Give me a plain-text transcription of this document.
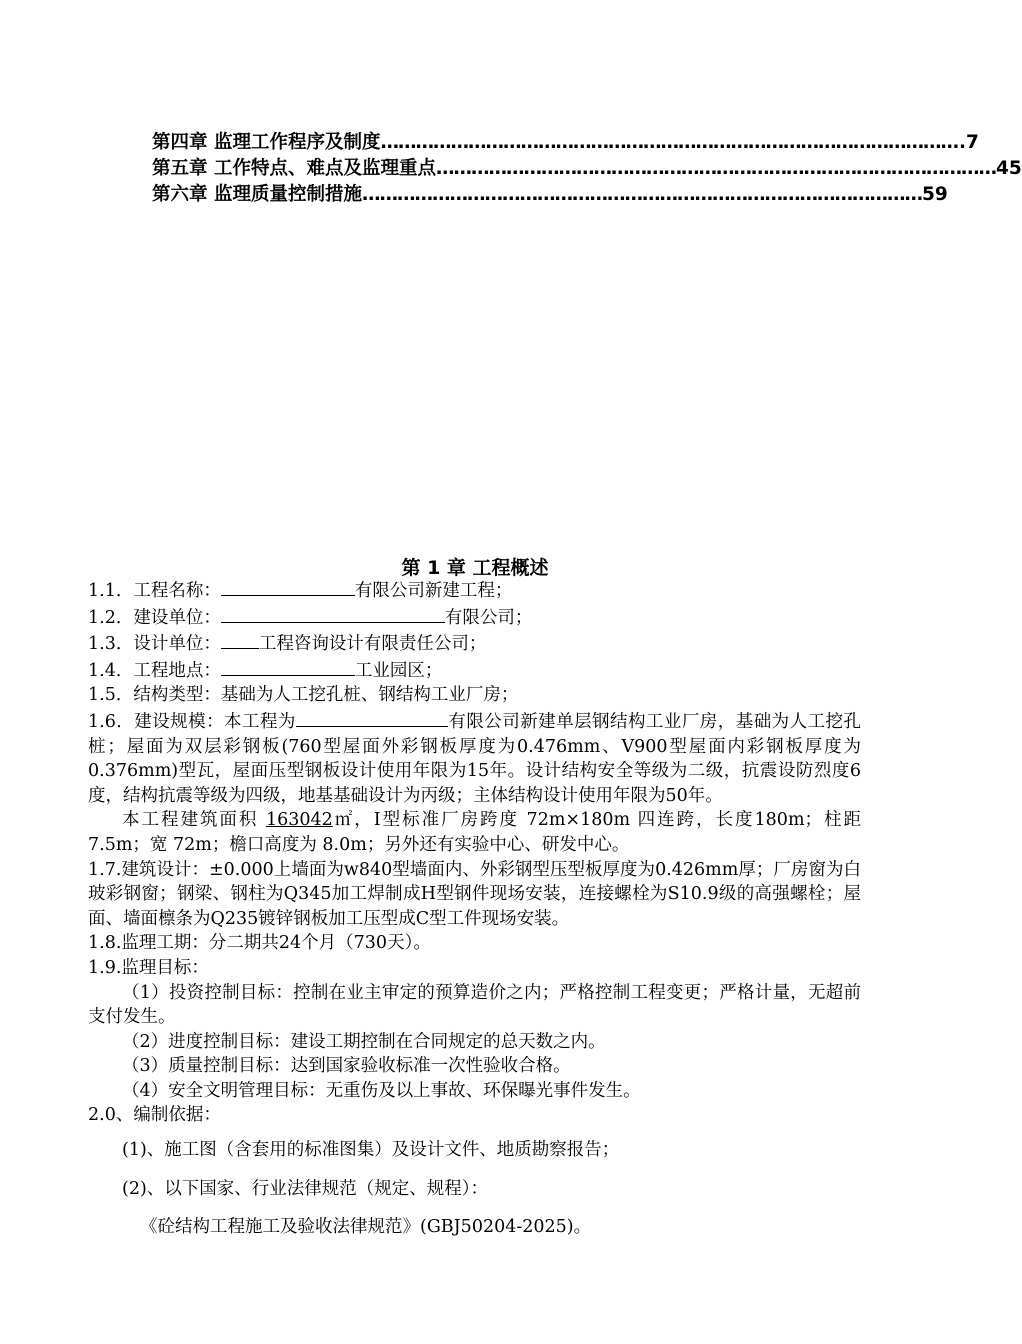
第四章 监理工作程序及制度 …………………………………………………………………………………… ….7
第五章 工作特点、难点及监理重点 …………………………………………………………………………………… 45
第六章 监理质量控制措施 …………………………………………………………………………………… 59
第 1 章 工程概述

1.1．工程名称：	有限公司新建工程；

1.2．建设单位：	有限公司；

1.3．设计单位： 工程咨询设计有限责任公司；

1.4．工程地点：	工业园区；

1.5．结构类型：基础为人工挖孔桩、钢结构工业厂房；

1.6．建设规模：本工程为	有限公司新建单层钢结构工业厂房，基础为人工挖孔桩；屋面为双层彩钢板(760型屋面外彩钢板厚度为0.476mm、V900型屋面内彩钢板厚度为0.376mm)型瓦，屋面压型钢板设计使用年限为15年。设计结构安全等级为二级，抗震设防烈度6度，结构抗震等级为四级，地基基础设计为丙级；主体结构设计使用年限为50年。

本工程建筑面积 163042㎡，I型标准厂房跨度 72m×180m 四连跨，长度180m；柱距 7.5m；宽 72m；檐口高度为 8.0m；另外还有实验中心、研发中心。

1.7.建筑设计：±0.000上墙面为w840型墙面内、外彩钢型压型板厚度为0.426mm厚；厂房窗为白玻彩钢窗；钢梁、钢柱为Q345加工焊制成H型钢件现场安装，连接螺栓为S10.9级的高强螺栓；屋面、墙面檩条为Q235镀锌钢板加工压型成C型工件现场安装。

1.8.监理工期：分二期共24个月（730天）。

1.9.监理目标：

（1）投资控制目标：控制在业主审定的预算造价之内；严格控制工程变更；严格计量，无超前支付发生。

（2）进度控制目标：建设工期控制在合同规定的总天数之内。

（3）质量控制目标：达到国家验收标准一次性验收合格。

（4）安全文明管理目标：无重伤及以上事故、环保曝光事件发生。

2.0、编制依据：

(1)、施工图（含套用的标准图集）及设计文件、地质勘察报告；

(2)、以下国家、行业法律规范（规定、规程）：

《砼结构工程施工及验收法律规范》(GBJ50204-2025)。
